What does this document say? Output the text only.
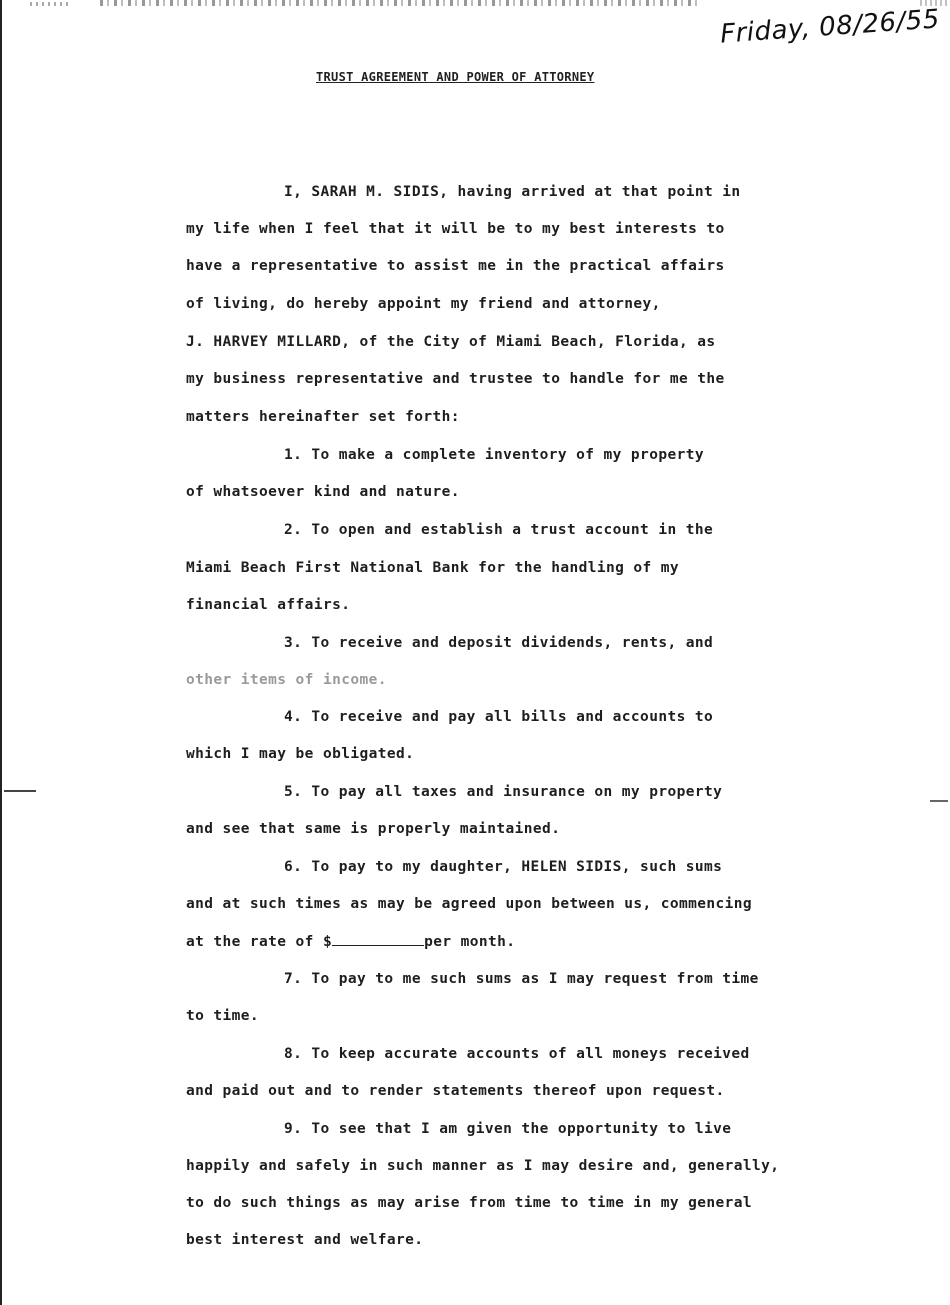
Friday, 08/26/55
TRUST AGREEMENT AND POWER OF ATTORNEY
I, SARAH M. SIDIS, having arrived at that point in
my life when I feel that it will be to my best interests to
have a representative to assist me in the practical affairs
of living, do hereby appoint my friend and attorney,
J. HARVEY MILLARD, of the City of Miami Beach, Florida, as
my business representative and trustee to handle for me the
matters hereinafter set forth:
1. To make a complete inventory of my property
of whatsoever kind and nature.
2. To open and establish a trust account in the
Miami Beach First National Bank for the handling of my
financial affairs.
3. To receive and deposit dividends, rents, and
other items of income.
4. To receive and pay all bills and accounts to
which I may be obligated.
5. To pay all taxes and insurance on my property
and see that same is properly maintained.
6. To pay to my daughter, HELEN SIDIS, such sums
and at such times as may be agreed upon between us, commencing
at the rate of $	per month.
7. To pay to me such sums as I may request from time
to time.
8. To keep accurate accounts of all moneys received
and paid out and to render statements thereof upon request.
9. To see that I am given the opportunity to live
happily and safely in such manner as I may desire and, generally,
to do such things as may arise from time to time in my general
best interest and welfare.
